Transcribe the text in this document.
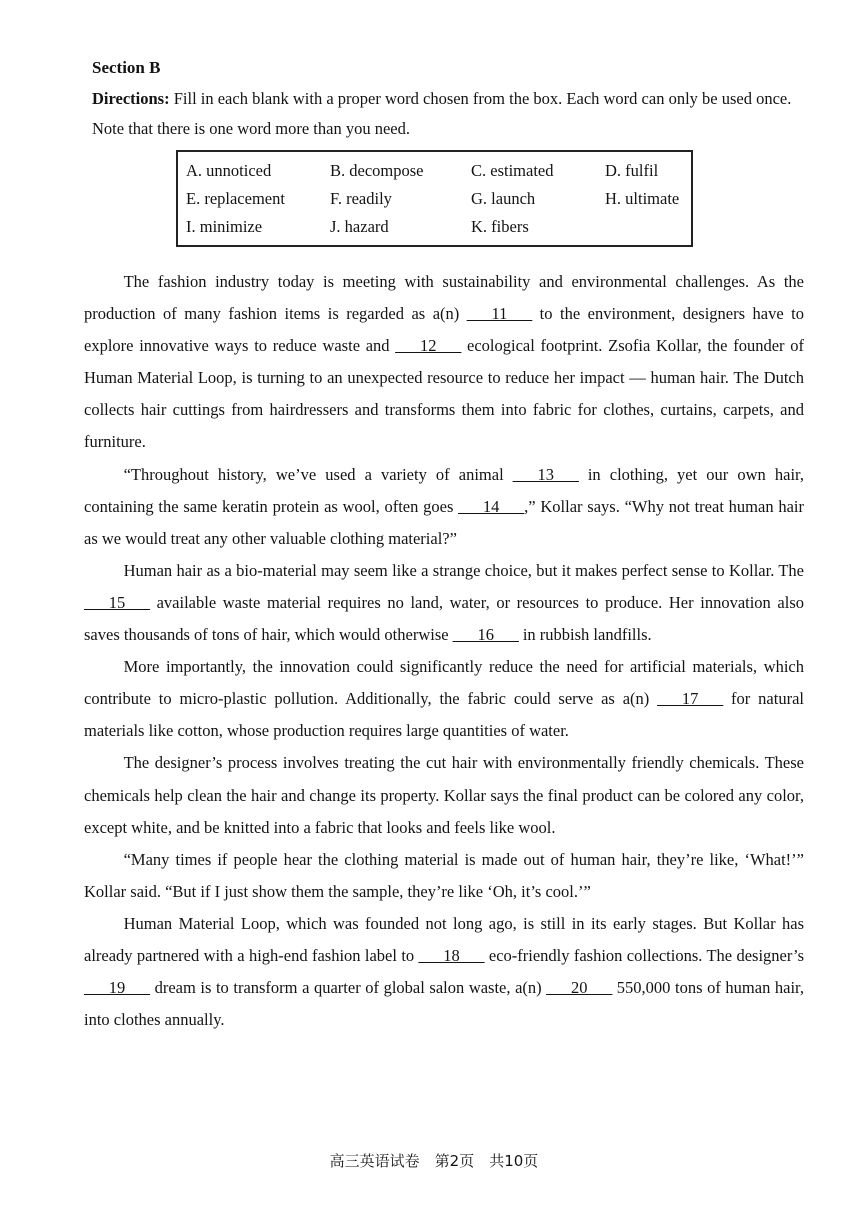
Section B
Directions: Fill in each blank with a proper word chosen from the box. Each word can only be used once. Note that there is one word more than you need.
A. unnoticed	B. decompose	C. estimated	D. fulfil
E. replacement	F. readily	G. launch	H. ultimate
I. minimize	J. hazard	K. fibers

The fashion industry today is meeting with sustainability and environmental challenges. As the production of many fashion items is regarded as a(n) ___11___ to the environment, designers have to explore innovative ways to reduce waste and ___12___ ecological footprint. Zsofia Kollar, the founder of Human Material Loop, is turning to an unexpected resource to reduce her impact — human hair. The Dutch collects hair cuttings from hairdressers and transforms them into fabric for clothes, curtains, carpets, and furniture.

“Throughout history, we’ve used a variety of animal ___13___ in clothing, yet our own hair, containing the same keratin protein as wool, often goes ___14___,” Kollar says. “Why not treat human hair as we would treat any other valuable clothing material?”

Human hair as a bio-material may seem like a strange choice, but it makes perfect sense to Kollar. The ___15___ available waste material requires no land, water, or resources to produce. Her innovation also saves thousands of tons of hair, which would otherwise ___16___ in rubbish landfills.

More importantly, the innovation could significantly reduce the need for artificial materials, which contribute to micro-plastic pollution. Additionally, the fabric could serve as a(n) ___17___ for natural materials like cotton, whose production requires large quantities of water.

The designer’s process involves treating the cut hair with environmentally friendly chemicals. These chemicals help clean the hair and change its property. Kollar says the final product can be colored any color, except white, and be knitted into a fabric that looks and feels like wool.

“Many times if people hear the clothing material is made out of human hair, they’re like, ‘What!’” Kollar said. “But if I just show them the sample, they’re like ‘Oh, it’s cool.’”

Human Material Loop, which was founded not long ago, is still in its early stages. But Kollar has already partnered with a high-end fashion label to ___18___ eco-friendly fashion collections. The designer’s ___19___ dream is to transform a quarter of global salon waste, a(n) ___20___ 550,000 tons of human hair, into clothes annually.

高三英语试卷　第2页　共10页
